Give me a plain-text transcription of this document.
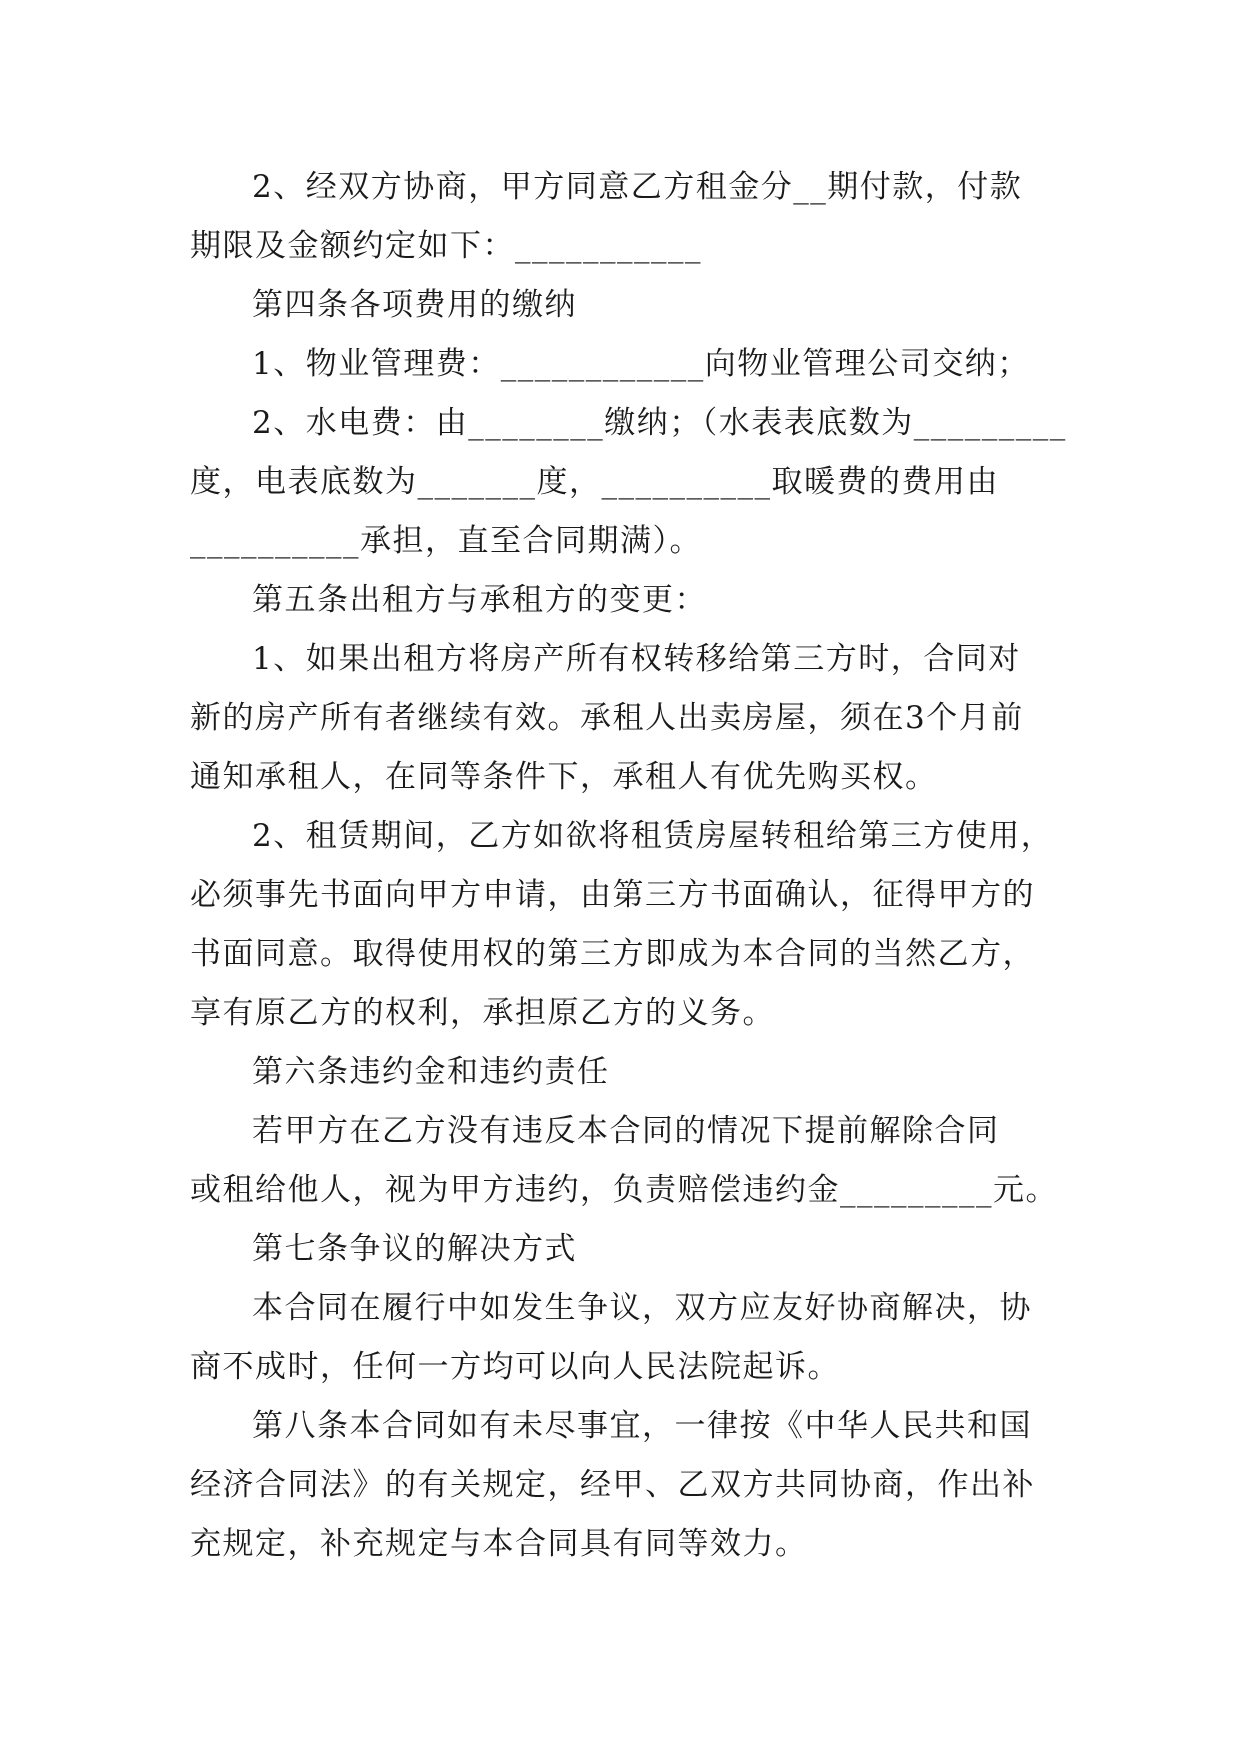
2、经双方协商，甲方同意乙方租金分__期付款，付款
期限及金额约定如下：___________
第四条各项费用的缴纳
1、物业管理费：____________向物业管理公司交纳；
2、水电费：由________缴纳；（水表表底数为_________
度，电表底数为_______度，__________取暖费的费用由
__________承担，直至合同期满）。
第五条出租方与承租方的变更：
1、如果出租方将房产所有权转移给第三方时，合同对
新的房产所有者继续有效。承租人出卖房屋，须在3个月前
通知承租人，在同等条件下，承租人有优先购买权。
2、租赁期间，乙方如欲将租赁房屋转租给第三方使用，
必须事先书面向甲方申请，由第三方书面确认，征得甲方的
书面同意。取得使用权的第三方即成为本合同的当然乙方，
享有原乙方的权利，承担原乙方的义务。
第六条违约金和违约责任
若甲方在乙方没有违反本合同的情况下提前解除合同
或租给他人，视为甲方违约，负责赔偿违约金_________元。
第七条争议的解决方式
本合同在履行中如发生争议，双方应友好协商解决，协
商不成时，任何一方均可以向人民法院起诉。
第八条本合同如有未尽事宜，一律按《中华人民共和国
经济合同法》的有关规定，经甲、乙双方共同协商，作出补
充规定，补充规定与本合同具有同等效力。
